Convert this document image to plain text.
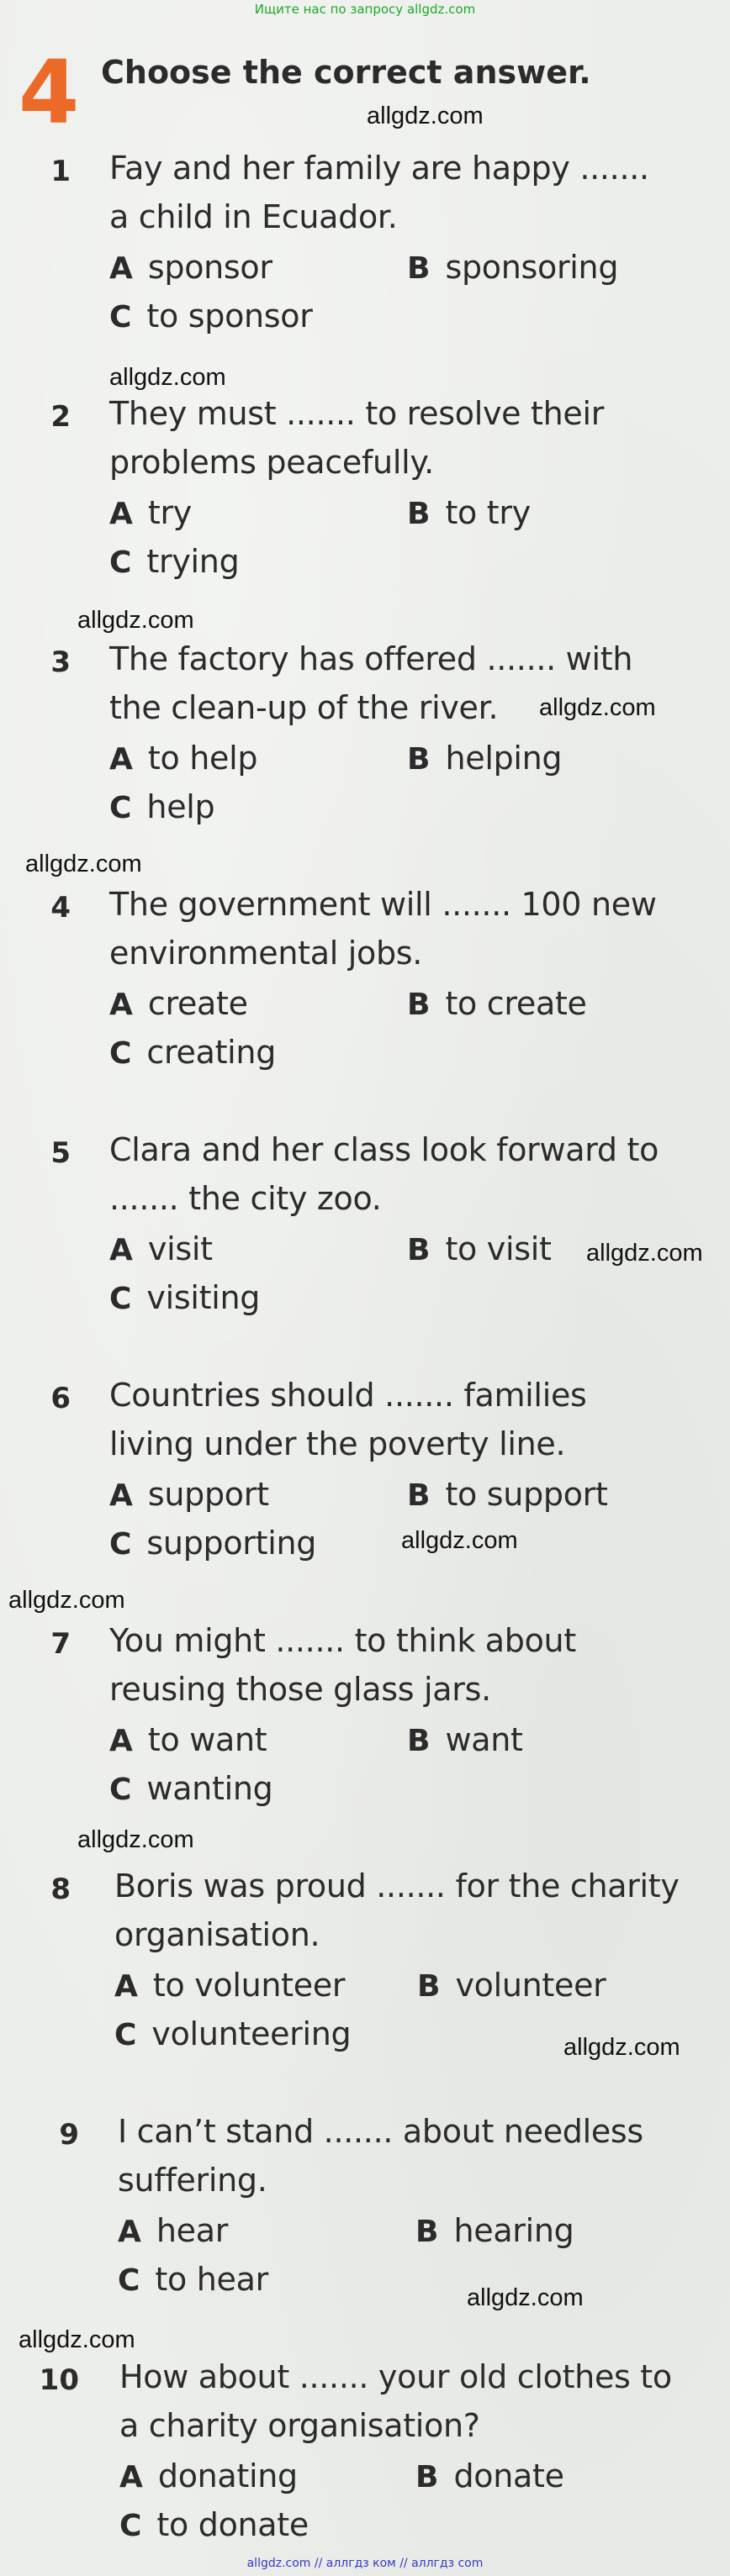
Ищите нас по запросу allgdz.com
4 Choose the correct answer.
allgdz.com
allgdz.com
allgdz.com
allgdz.com
allgdz.com
allgdz.com
allgdz.com
allgdz.com
allgdz.com
allgdz.com
allgdz.com
allgdz.com
1 Fay and her family are happy .......
a child in Ecuador.
A sponsor	B sponsoring
C to sponsor
2 They must ....... to resolve their
problems peacefully.
A try	B to try
C trying
3 The factory has offered ....... with
the clean-up of the river.
A to help	B helping
C help
4 The government will ....... 100 new
environmental jobs.
A create	B to create
C creating
5 Clara and her class look forward to
....... the city zoo.
A visit	B to visit
C visiting
6 Countries should ....... families
living under the poverty line.
A support	B to support
C supporting
7 You might ....... to think about
reusing those glass jars.
A to want	B want
C wanting
8 Boris was proud ....... for the charity
organisation.
A to volunteer B volunteer
C volunteering
9 I can’t stand ....... about needless
suffering.
A hear	B hearing
C to hear
10 How about ....... your old clothes to
a charity organisation?
A donating	B donate
C to donate
allgdz.com // аллгдз ком // аллгдз com
